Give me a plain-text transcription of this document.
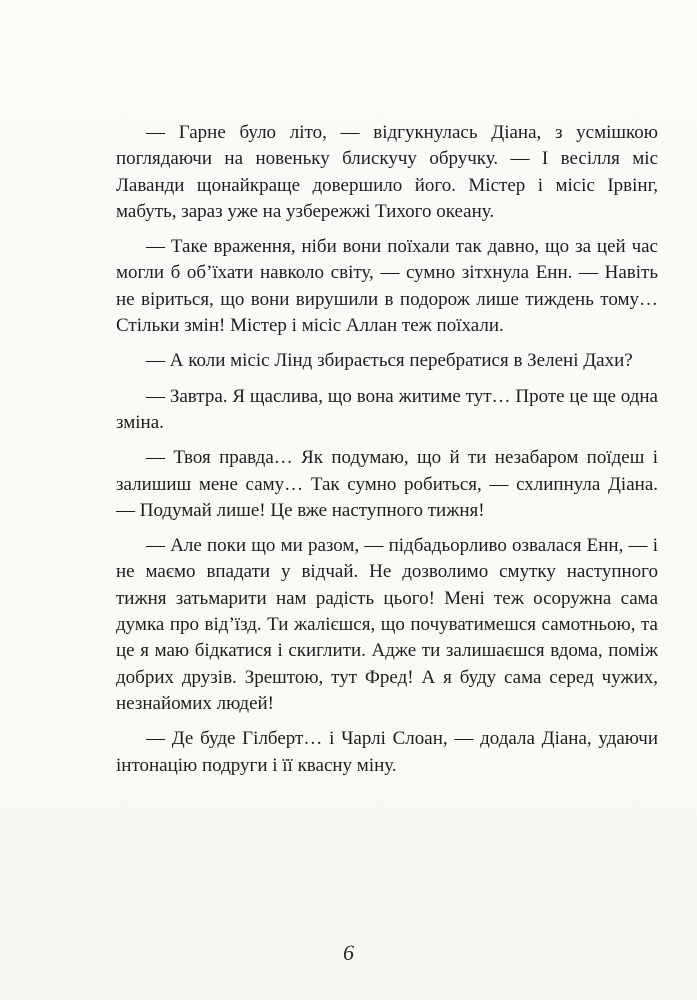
— Гарне було літо, — відгукнулась Діана, з усмішкою поглядаючи на новеньку блискучу обручку. — І весілля міс Лаванди щонайкраще довершило його. Містер і місіс Ірвінг, мабуть, зараз уже на узбережжі Тихого океану.

— Таке враження, ніби вони поїхали так давно, що за цей час могли б об’їхати навколо світу, — сумно зітхнула Енн. — Навіть не віриться, що вони вирушили в подорож лише тиждень тому… Стільки змін! Містер і місіс Аллан теж поїхали.

— А коли місіс Лінд збирається перебратися в Зелені Дахи?

— Завтра. Я щаслива, що вона житиме тут… Проте це ще одна зміна.

— Твоя правда… Як подумаю, що й ти незабаром поїдеш і залишиш мене саму… Так сумно робиться, — схлипнула Діана. — Подумай лише! Це вже наступного тижня!

— Але поки що ми разом, — підбадьорливо озвалася Енн, — і не маємо впадати у відчай. Не дозволимо смутку наступного тижня затьмарити нам радість цього! Мені теж осоружна сама думка про від’їзд. Ти жалієшся, що почуватимешся самотньою, та це я маю бідкатися і скиглити. Адже ти залишаєшся вдома, поміж добрих друзів. Зрештою, тут Фред! А я буду сама серед чужих, незнайомих людей!

— Де буде Гілберт… і Чарлі Слоан, — додала Діана, удаючи інтонацію подруги і її квасну міну.

6
